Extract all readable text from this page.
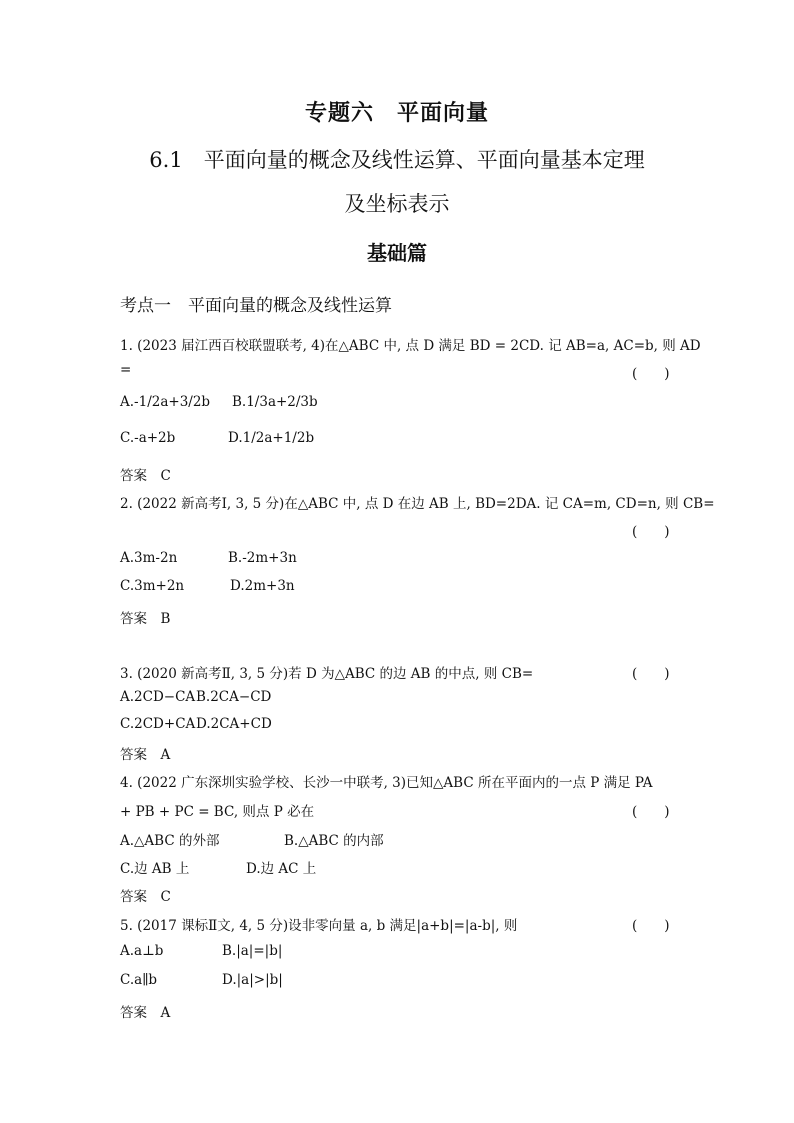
专题六　平面向量
6.1　平面向量的概念及线性运算、平面向量基本定理
及坐标表示
基础篇
考点一　平面向量的概念及线性运算
1. (2023 届江西百校联盟联考, 4)在△ABC 中, 点 D 满足 BD = 2CD. 记 AB=a, AC=b, 则 AD
=	(　　)
A.-1/2a+3/2b B.1/3a+2/3b
C.-a+2b	D.1/2a+1/2b
答案　C
2. (2022 新高考Ⅰ, 3, 5 分)在△ABC 中, 点 D 在边 AB 上, BD=2DA. 记 CA=m, CD=n, 则 CB=
(　　)
A.3m-2n	B.-2m+3n
C.3m+2n	D.2m+3n
答案　B
3. (2020 新高考Ⅱ, 3, 5 分)若 D 为△ABC 的边 AB 的中点, 则 CB=	(　　)
A.2CD−CA B.2CA−CD
C.2CD+CA D.2CA+CD
答案　A
4. (2022 广东深圳实验学校、长沙一中联考, 3)已知△ABC 所在平面内的一点 P 满足 PA
+ PB + PC = BC, 则点 P 必在	(　　)
A.△ABC 的外部	B.△ABC 的内部
C.边 AB 上	D.边 AC 上
答案　C
5. (2017 课标Ⅱ文, 4, 5 分)设非零向量 a, b 满足|a+b|=|a-b|, 则	(　　)
A.a⊥b	B.|a|=|b|
C.a∥b	D.|a|>|b|
答案　A
